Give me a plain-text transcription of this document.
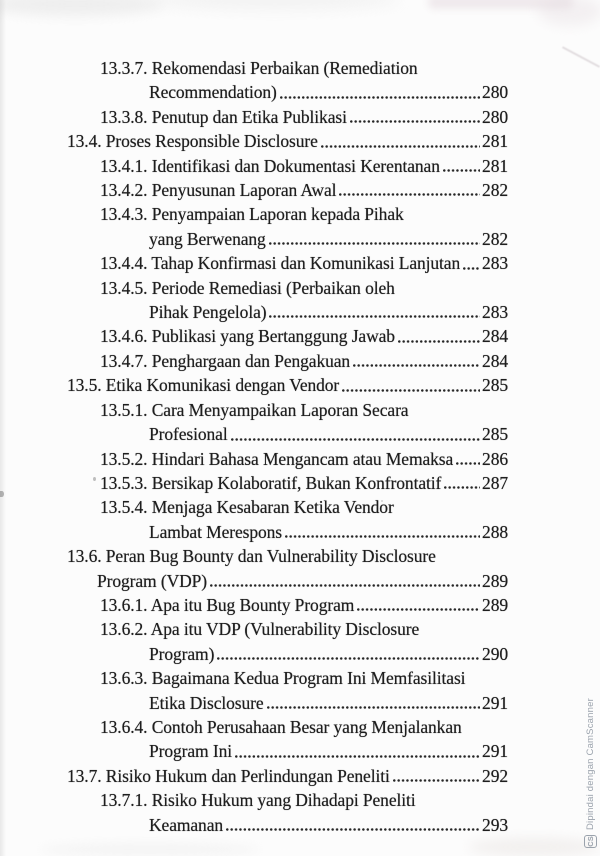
13.3.7. Rekomendasi Perbaikan (Remediation
Recommendation)	280
13.3.8. Penutup dan Etika Publikasi	280
13.4. Proses Responsible Disclosure	281
13.4.1. Identifikasi dan Dokumentasi Kerentanan 281
13.4.2. Penyusunan Laporan Awal	282
13.4.3. Penyampaian Laporan kepada Pihak
yang Berwenang	282
13.4.4. Tahap Konfirmasi dan Komunikasi Lanjutan 283
13.4.5. Periode Remediasi (Perbaikan oleh
Pihak Pengelola)	283
13.4.6. Publikasi yang Bertanggung Jawab	284
13.4.7. Penghargaan dan Pengakuan	284
13.5. Etika Komunikasi dengan Vendor	285
13.5.1. Cara Menyampaikan Laporan Secara
Profesional	285
13.5.2. Hindari Bahasa Mengancam atau Memaksa 286
13.5.3. Bersikap Kolaboratif, Bukan Konfrontatif 287
13.5.4. Menjaga Kesabaran Ketika Vendor
Lambat Merespons	288
13.6. Peran Bug Bounty dan Vulnerability Disclosure
Program (VDP)	289
13.6.1. Apa itu Bug Bounty Program	289
13.6.2. Apa itu VDP (Vulnerability Disclosure
Program)	290
13.6.3. Bagaimana Kedua Program Ini Memfasilitasi
Etika Disclosure	291
13.6.4. Contoh Perusahaan Besar yang Menjalankan
Program Ini	291
13.7. Risiko Hukum dan Perlindungan Peneliti	292
13.7.1. Risiko Hukum yang Dihadapi Peneliti
Keamanan	293
CS
Dipindai dengan CamScanner
